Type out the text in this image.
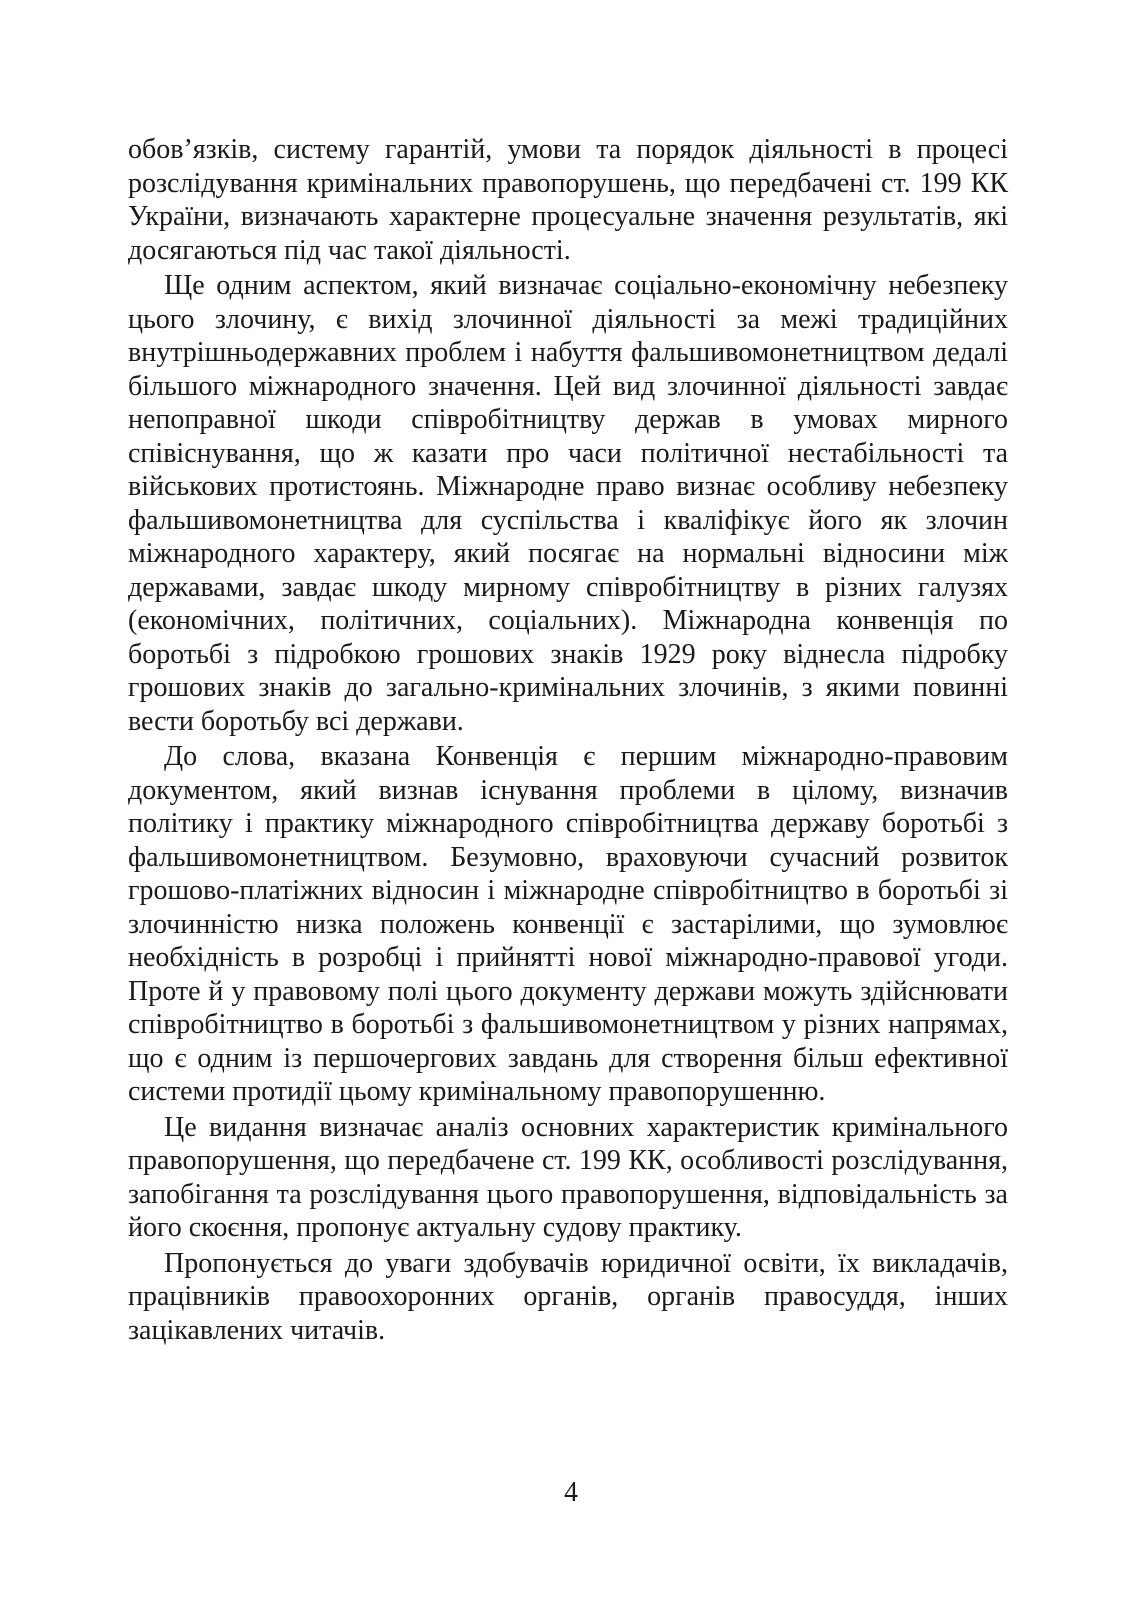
обов’язків, систему гарантій, умови та порядок діяльності в процесі розслідування кримінальних правопорушень, що передбачені ст. 199 КК України, визначають характерне процесуальне значення результатів, які досягаються під час такої діяльності.

Ще одним аспектом, який визначає соціально-економічну небезпеку цього злочину, є вихід злочинної діяльності за межі традиційних внутрішньодержавних проблем і набуття фальшивомонетництвом дедалі більшого міжнародного значення. Цей вид злочинної діяльності завдає непоправної шкоди співробітництву держав в умовах мирного співіснування, що ж казати про часи політичної нестабільності та військових протистоянь. Міжнародне право визнає особливу небезпеку фальшивомонетництва для суспільства і кваліфікує його як злочин міжнародного характеру, який посягає на нормальні відносини між державами, завдає шкоду мирному співробітництву в різних галузях (економічних, політичних, соціальних). Міжнародна конвенція по боротьбі з підробкою грошових знаків 1929 року віднесла підробку грошових знаків до загально-кримінальних злочинів, з якими повинні вести боротьбу всі держави.

До слова, вказана Конвенція є першим міжнародно-правовим документом, який визнав існування проблеми в цілому, визначив політику і практику міжнародного співробітництва державу боротьбі з фальшивомонетництвом. Безумовно, враховуючи сучасний розвиток грошово-платіжних відносин і міжнародне співробітництво в боротьбі зі злочинністю низка положень конвенції є застарілими, що зумовлює необхідність в розробці і прийнятті нової міжнародно-правової угоди. Проте й у правовому полі цього документу держави можуть здійснювати співробітництво в боротьбі з фальшивомонетництвом у різних напрямах, що є одним із першочергових завдань для створення більш ефективної системи протидії цьому кримінальному правопорушенню.

Це видання визначає аналіз основних характеристик кримінального правопорушення, що передбачене ст. 199 КК, особливості розслідування, запобігання та розслідування цього правопорушення, відповідальність за його скоєння, пропонує актуальну судову практику.

Пропонується до уваги здобувачів юридичної освіти, їх викладачів, працівників правоохоронних органів, органів правосуддя, інших зацікавлених читачів.

4
